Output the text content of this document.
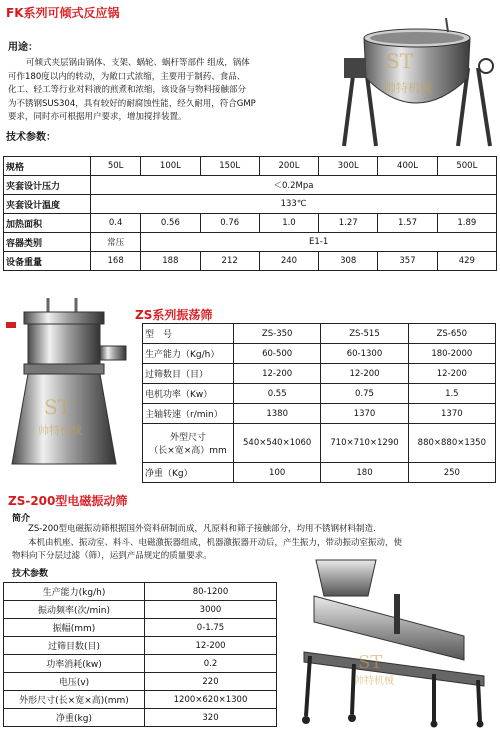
FK系列可倾式反应锅
用途：
可倾式夹层锅由锅体、支架、蜗轮、蜗杆等部件 组成，锅体
可作180度以内的转动，为敞口式浓缩，主要用于制药、食品、
化工、轻工等行业对料液的煎煮和浓缩，该设备与物料接触部分
为不锈钢SUS304，具有较好的耐腐蚀性能，经久耐用，符合GMP
要求，同时亦可根据用户要求，增加搅拌装置。
技术参数：
ST
帅特机械
规格	50L	100L	150L	200L	300L	400L	500L
夹套设计压力	＜0.2Mpa						
夹套设计温度	133℃						
加热面积	0.4	0.56	0.76	1.0	1.27	1.57	1.89
容器类别	常压	E1-1					
设备重量	168	188	212	240	308	357	429
ST
帅特机械
ZS系列振荡筛
型　号	ZS-350	ZS-515	ZS-650
生产能力（Kg/h）	60-500	60-1300	180-2000
过筛数目（目）	12-200	12-200	12-200
电机功率（Kw）	0.55	0.75	1.5
主轴转速（r/min）	1380	1370	1370

外型尺寸
（长×宽×高）mm	540×540×1060	710×710×1290	880×880×1350
净重（Kg）	100	180	250
ZS-200型电磁振动筛
简介
ZS-200型电磁振动筛根据国外资料研制而成，凡原料和筛子接触部分，均用不锈钢材料制造.
本机由机座、振动室、料斗、电磁激振器组成，机器激振器开动后，产生振力，带动振动室振动，使
物料向下分层过滤（筛），运到产品规定的质量要求。
技术参数
生产能力(kg/h)	80-1200
振动频率(次/min)	3000
振幅(mm)	0-1.75
过筛目数(目)	12-200
功率消耗(kw)	0.2
电压(v)	220
外形尺寸(长×宽×高)(mm)	1200×620×1300
净重(kg)	320
ST
帅特机械
